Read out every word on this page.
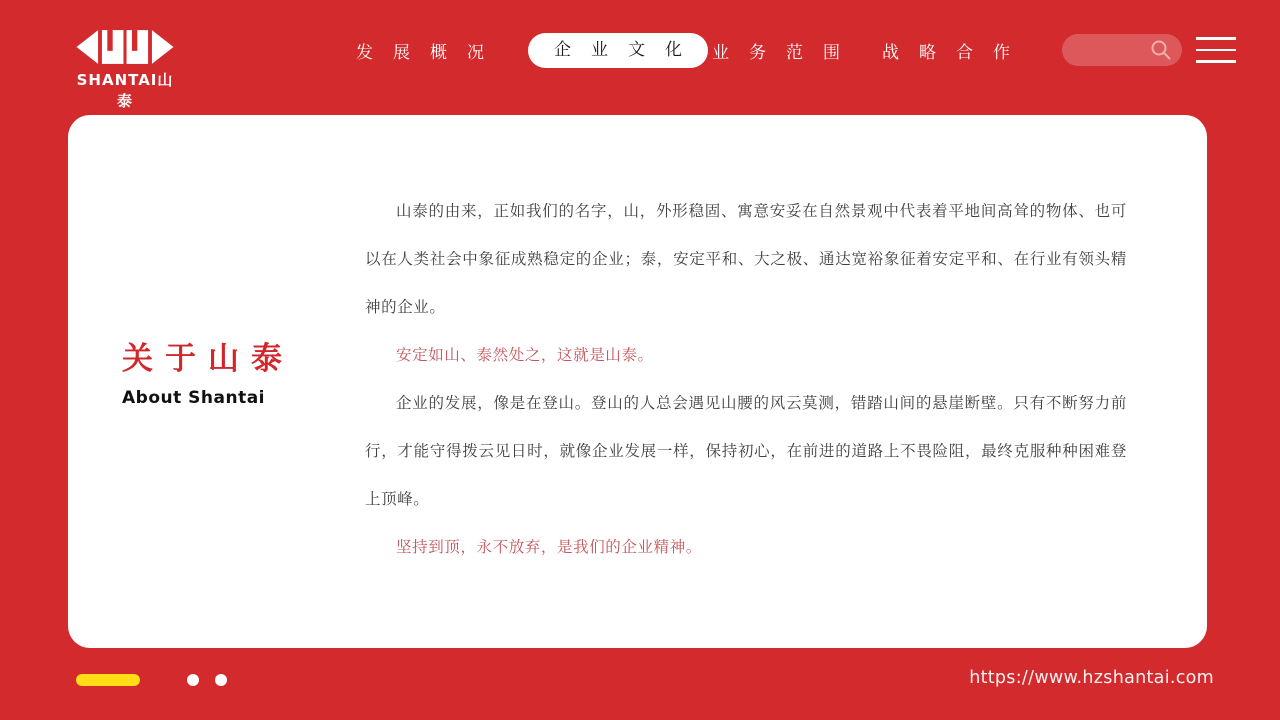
SHANTAI山泰
发展概况	企业文化 业务范围 战略合作
关于山泰
About Shantai

山泰的由来，正如我们的名字，山，外形稳固、寓意安妥在自然景观中代表着平地间高耸的物体、也可以在人类社会中象征成熟稳定的企业；泰，安定平和、大之极、通达宽裕象征着安定平和、在行业有领头精神的企业。

安定如山、泰然处之，这就是山泰。

企业的发展，像是在登山。登山的人总会遇见山腰的风云莫测，错踏山间的悬崖断壁。只有不断努力前行，才能守得拨云见日时，就像企业发展一样，保持初心，在前进的道路上不畏险阻，最终克服种种困难登上顶峰。

坚持到顶，永不放弃，是我们的企业精神。

https://www.hzshantai.com
